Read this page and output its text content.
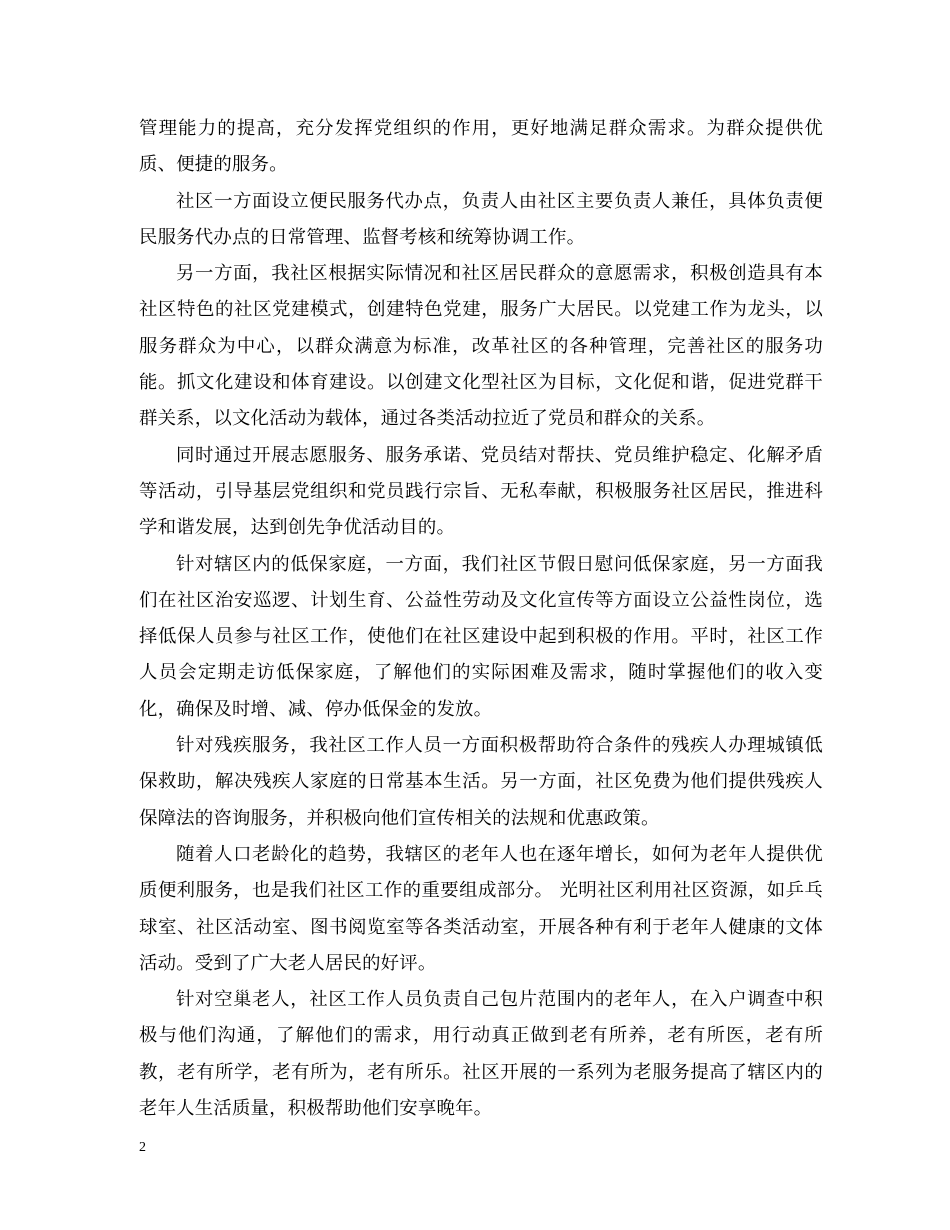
管理能力的提高，充分发挥党组织的作用，更好地满足群众需求。为群众提供优质、便捷的服务。

社区一方面设立便民服务代办点，负责人由社区主要负责人兼任，具体负责便民服务代办点的日常管理、监督考核和统筹协调工作。

另一方面，我社区根据实际情况和社区居民群众的意愿需求，积极创造具有本社区特色的社区党建模式，创建特色党建，服务广大居民。以党建工作为龙头，以服务群众为中心，以群众满意为标准，改革社区的各种管理，完善社区的服务功能。抓文化建设和体育建设。以创建文化型社区为目标，文化促和谐，促进党群干群关系，以文化活动为载体，通过各类活动拉近了党员和群众的关系。

同时通过开展志愿服务、服务承诺、党员结对帮扶、党员维护稳定、化解矛盾等活动，引导基层党组织和党员践行宗旨、无私奉献，积极服务社区居民，推进科学和谐发展，达到创先争优活动目的。

针对辖区内的低保家庭，一方面，我们社区节假日慰问低保家庭，另一方面我们在社区治安巡逻、计划生育、公益性劳动及文化宣传等方面设立公益性岗位，选择低保人员参与社区工作，使他们在社区建设中起到积极的作用。平时，社区工作人员会定期走访低保家庭，了解他们的实际困难及需求，随时掌握他们的收入变化，确保及时增、减、停办低保金的发放。

针对残疾服务，我社区工作人员一方面积极帮助符合条件的残疾人办理城镇低保救助，解决残疾人家庭的日常基本生活。另一方面，社区免费为他们提供残疾人保障法的咨询服务，并积极向他们宣传相关的法规和优惠政策。

随着人口老龄化的趋势，我辖区的老年人也在逐年增长，如何为老年人提供优质便利服务，也是我们社区工作的重要组成部分。 光明社区利用社区资源，如乒乓球室、社区活动室、图书阅览室等各类活动室，开展各种有利于老年人健康的文体活动。受到了广大老人居民的好评。

针对空巢老人，社区工作人员负责自己包片范围内的老年人，在入户调查中积极与他们沟通，了解他们的需求，用行动真正做到老有所养，老有所医，老有所教，老有所学，老有所为，老有所乐。社区开展的一系列为老服务提高了辖区内的老年人生活质量，积极帮助他们安享晚年。

2
